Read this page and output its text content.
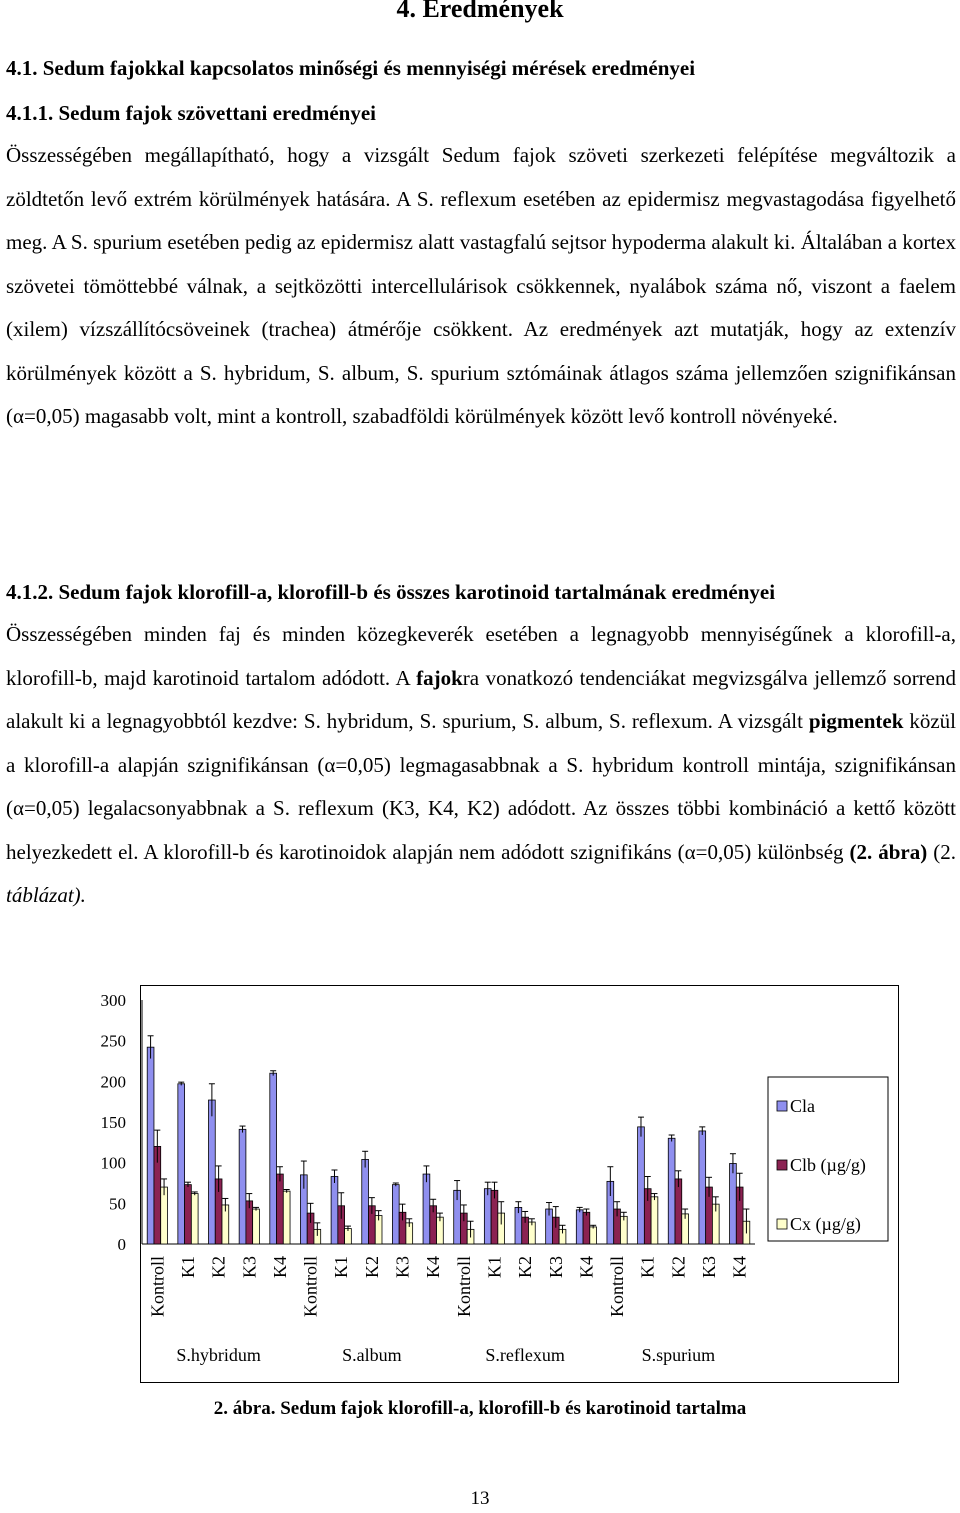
4. Eredmények
4.1. Sedum fajokkal kapcsolatos minőségi és mennyiségi mérések eredményei
4.1.1. Sedum fajok szövettani eredményei

Összességében megállapítható, hogy a vizsgált Sedum fajok szöveti szerkezeti felépítése megváltozik a zöldtetőn levő extrém körülmények hatására. A S. reflexum esetében az epidermisz megvastagodása figyelhető meg. A S. spurium esetében pedig az epidermisz alatt vastagfalú sejtsor hypoderma alakult ki. Általában a kortex szövetei tömöttebbé válnak, a sejtközötti intercellulárisok csökkennek, nyalábok száma nő, viszont a faelem (xilem) vízszállítócsöveinek (trachea) átmérője csökkent. Az eredmények azt mutatják, hogy az extenzív körülmények között a S. hybridum, S. album, S. spurium sztómáinak átlagos száma jellemzően szignifikánsan (α=0,05) magasabb volt, mint a kontroll, szabadföldi körülmények között levő kontroll növényeké.

4.1.2. Sedum fajok klorofill-a, klorofill-b és összes karotinoid tartalmának eredményei

Összességében minden faj és minden közegkeverék esetében a legnagyobb mennyiségűnek a klorofill-a, klorofill-b, majd karotinoid tartalom adódott. A fajokra vonatkozó tendenciákat megvizsgálva jellemző sorrend alakult ki a legnagyobbtól kezdve: S. hybridum, S. spurium, S. album, S. reflexum. A vizsgált pigmentek közül a klorofill-a alapján szignifikánsan (α=0,05) legmagasabbnak a S. hybridum kontroll mintája, szignifikánsan (α=0,05) legalacsonyabbnak a S. reflexum (K3, K4, K2) adódott. Az összes többi kombináció a kettő között helyezkedett el. A klorofill-b és karotinoidok alapján nem adódott szignifikáns (α=0,05) különbség (2. ábra) (2. táblázat).

0
50
100
150
200
250
300
Kontroll K1 K2 K3 K4 Kontroll K1 K2 K3 K4 Kontroll K1 K2 K3 K4 Kontroll K1 K2 K3 K4
S.hybridum	S.album	S.reflexum	S.spurium
Cla
Clb (µg/g)
Cx (µg/g)
2. ábra. Sedum fajok klorofill-a, klorofill-b és karotinoid tartalma
13
